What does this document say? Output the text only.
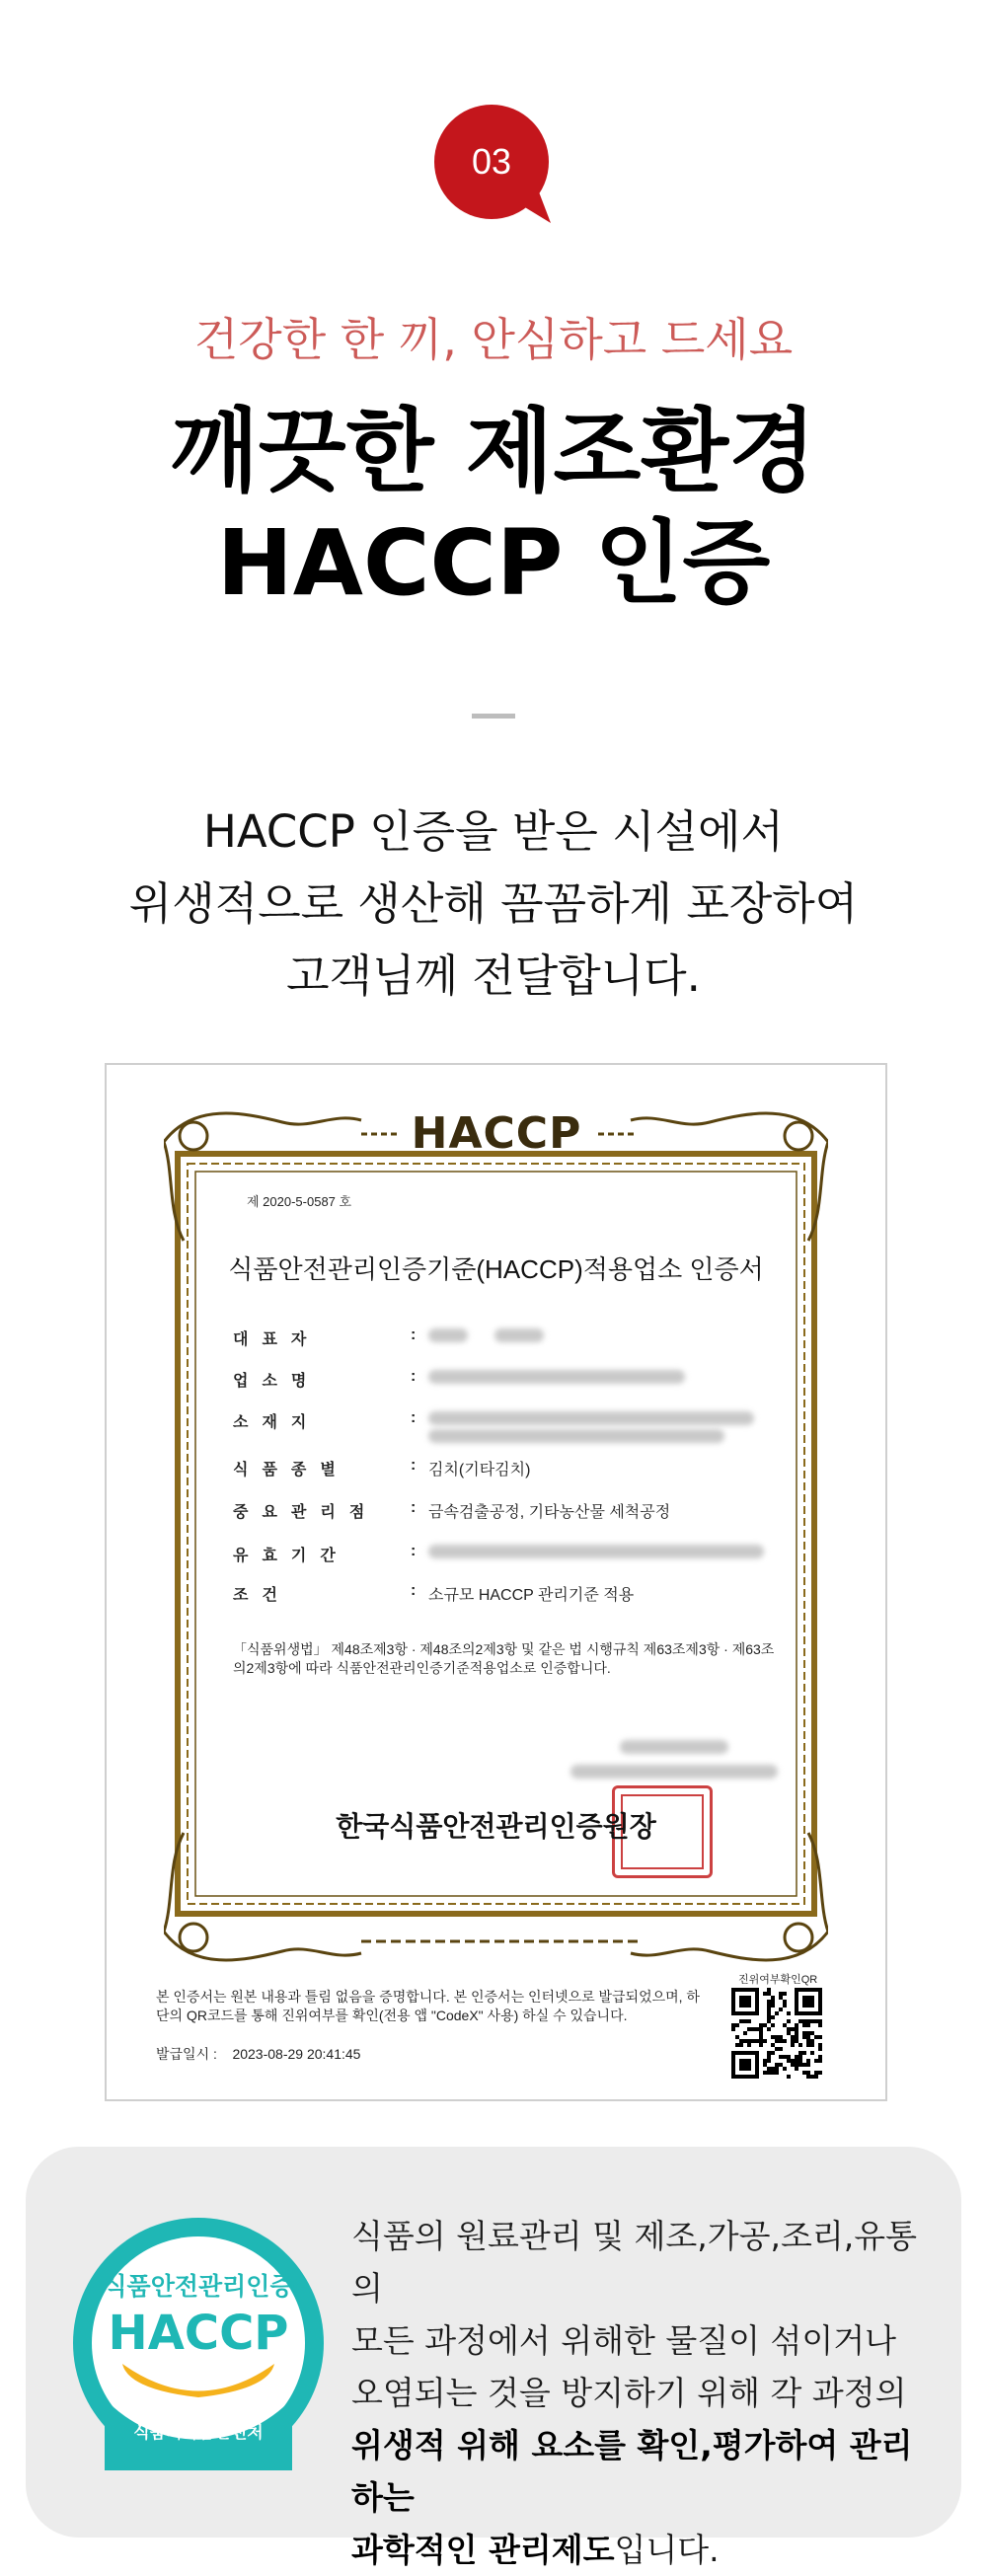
03
건강한 한 끼, 안심하고 드세요
깨끗한 제조환경
HACCP 인증
HACCP 인증을 받은 시설에서
위생적으로 생산해 꼼꼼하게 포장하여
고객님께 전달합니다.
HACCP
제 2020-5-0587 호
식품안전관리인증기준(HACCP)적용업소 인증서
대표자	:

업소명	:
소재지	:

식품종별	: 김치(기타김치)
중요관리점	: 금속검출공정, 기타농산물 세척공정
유효기간	:
조건	: 소규모 HACCP 관리기준 적용
「식품위생법」 제48조제3항 · 제48조의2제3항 및 같은 법 시행규칙 제63조제3항 · 제63조의2제3항에 따라 식품안전관리인증기준적용업소로 인증합니다.
한국식품안전관리인증원장
본 인증서는 원본 내용과 틀림 없음을 증명합니다. 본 인증서는 인터넷으로 발급되었으며, 하단의 QR코드를 통해 진위여부를 확인(전용 앱 "CodeX" 사용) 하실 수 있습니다.
발급일시 : 2023-08-29 20:41:45
진위여부확인QR
식품안전관리인증
HACCP
식품의약품안전처
식품의 원료관리 및 제조,가공,조리,유통의
모든 과정에서 위해한 물질이 섞이거나
오염되는 것을 방지하기 위해 각 과정의
위생적 위해 요소를 확인,평가하여 관리하는
과학적인 관리제도입니다.
